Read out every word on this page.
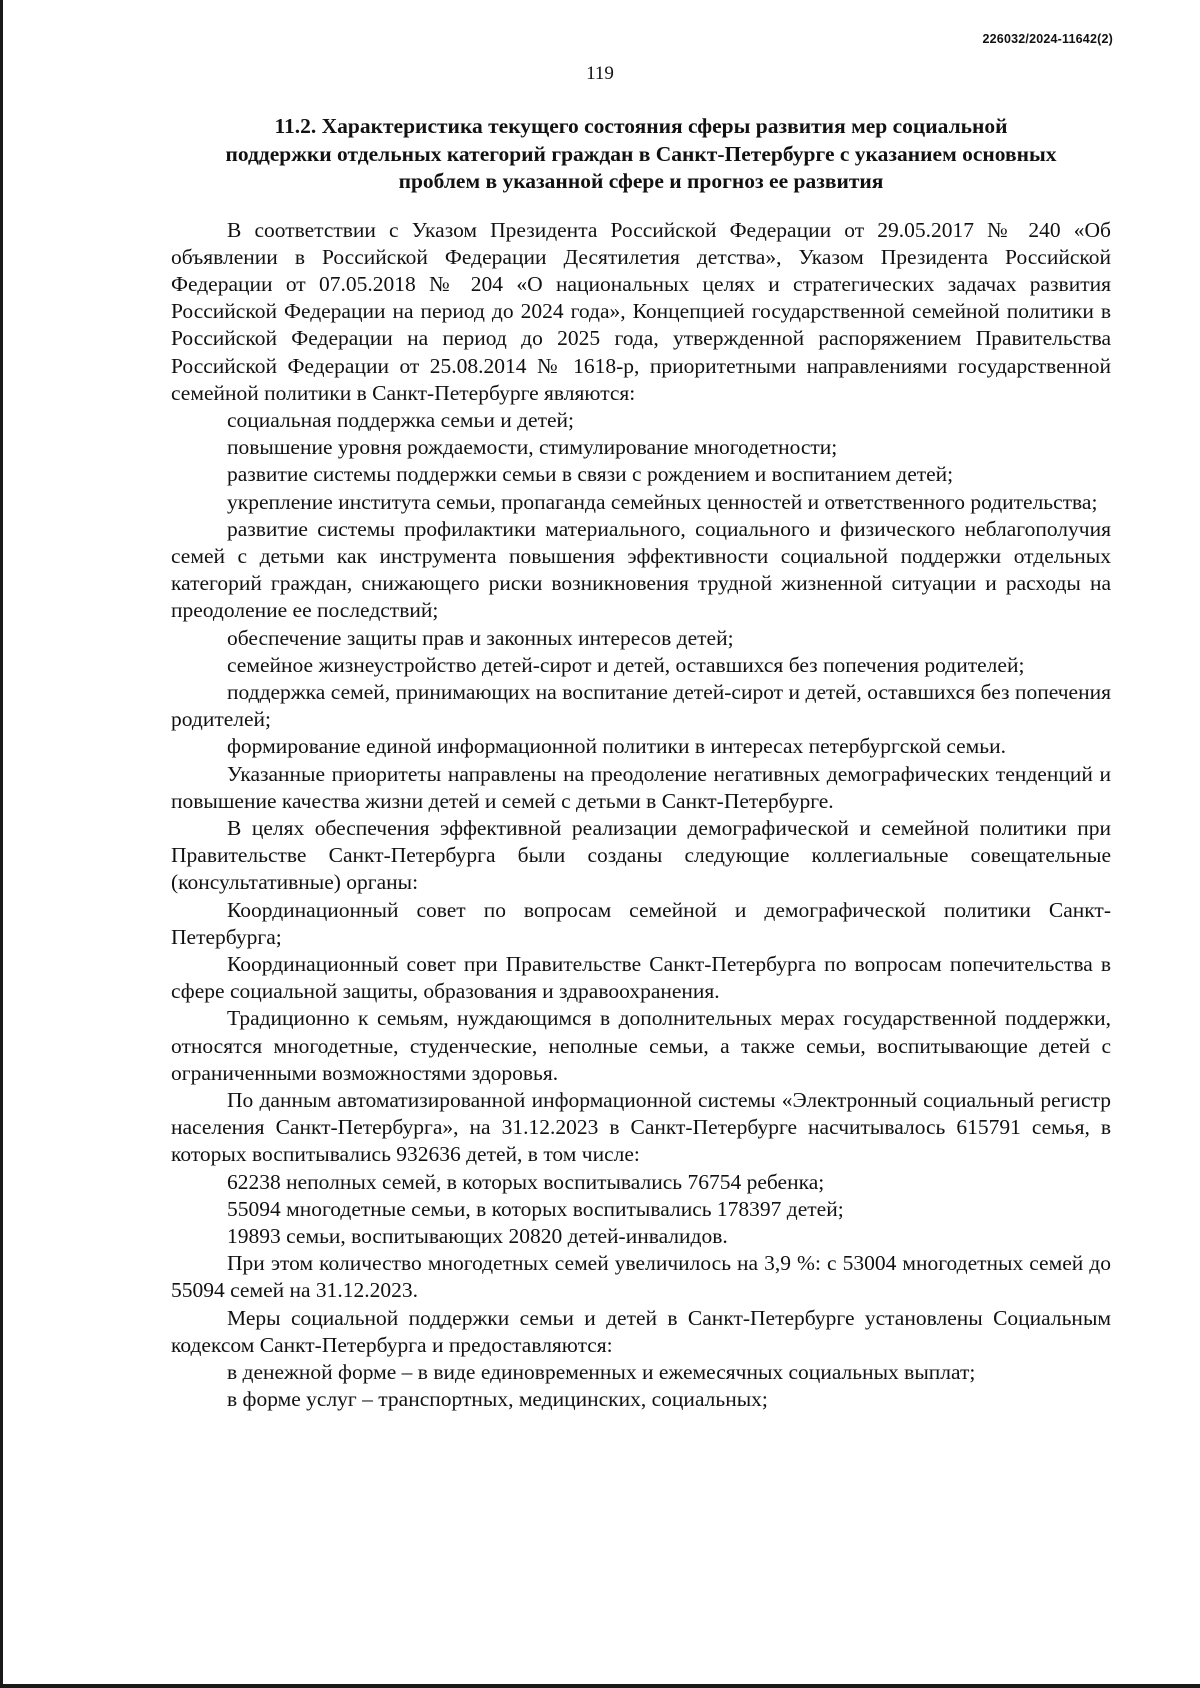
226032/2024-11642(2)
119
11.2. Характеристика текущего состояния сферы развития мер социальной
поддержки отдельных категорий граждан в Санкт-Петербурге с указанием основных
проблем в указанной сфере и прогноз ее развития

В соответствии с Указом Президента Российской Федерации от 29.05.2017 № 240 «Об объявлении в Российской Федерации Десятилетия детства», Указом Президента Российской Федерации от 07.05.2018 № 204 «О национальных целях и стратегических задачах развития Российской Федерации на период до 2024 года», Концепцией государственной семейной политики в Российской Федерации на период до 2025 года, утвержденной распоряжением Правительства Российской Федерации от 25.08.2014 № 1618-р, приоритетными направлениями государственной семейной политики в Санкт-Петербурге являются:

социальная поддержка семьи и детей;

повышение уровня рождаемости, стимулирование многодетности;

развитие системы поддержки семьи в связи с рождением и воспитанием детей;

укрепление института семьи, пропаганда семейных ценностей и ответственного родительства;

развитие системы профилактики материального, социального и физического неблагополучия семей с детьми как инструмента повышения эффективности социальной поддержки отдельных категорий граждан, снижающего риски возникновения трудной жизненной ситуации и расходы на преодоление ее последствий;

обеспечение защиты прав и законных интересов детей;

семейное жизнеустройство детей-сирот и детей, оставшихся без попечения родителей;

поддержка семей, принимающих на воспитание детей-сирот и детей, оставшихся без попечения родителей;

формирование единой информационной политики в интересах петербургской семьи.

Указанные приоритеты направлены на преодоление негативных демографических тенденций и повышение качества жизни детей и семей с детьми в Санкт-Петербурге.

В целях обеспечения эффективной реализации демографической и семейной политики при Правительстве Санкт-Петербурга были созданы следующие коллегиальные совещательные (консультативные) органы:

Координационный совет по вопросам семейной и демографической политики Санкт-Петербурга;

Координационный совет при Правительстве Санкт-Петербурга по вопросам попечительства в сфере социальной защиты, образования и здравоохранения.

Традиционно к семьям, нуждающимся в дополнительных мерах государственной поддержки, относятся многодетные, студенческие, неполные семьи, а также семьи, воспитывающие детей с ограниченными возможностями здоровья.

По данным автоматизированной информационной системы «Электронный социальный регистр населения Санкт-Петербурга», на 31.12.2023 в Санкт-Петербурге насчитывалось 615791 семья, в которых воспитывались 932636 детей, в том числе:

62238 неполных семей, в которых воспитывались 76754 ребенка;

55094 многодетные семьи, в которых воспитывались 178397 детей;

19893 семьи, воспитывающих 20820 детей-инвалидов.

При этом количество многодетных семей увеличилось на 3,9 %: с 53004 многодетных семей до 55094 семей на 31.12.2023.

Меры социальной поддержки семьи и детей в Санкт-Петербурге установлены Социальным кодексом Санкт-Петербурга и предоставляются:

в денежной форме – в виде единовременных и ежемесячных социальных выплат;

в форме услуг – транспортных, медицинских, социальных;
